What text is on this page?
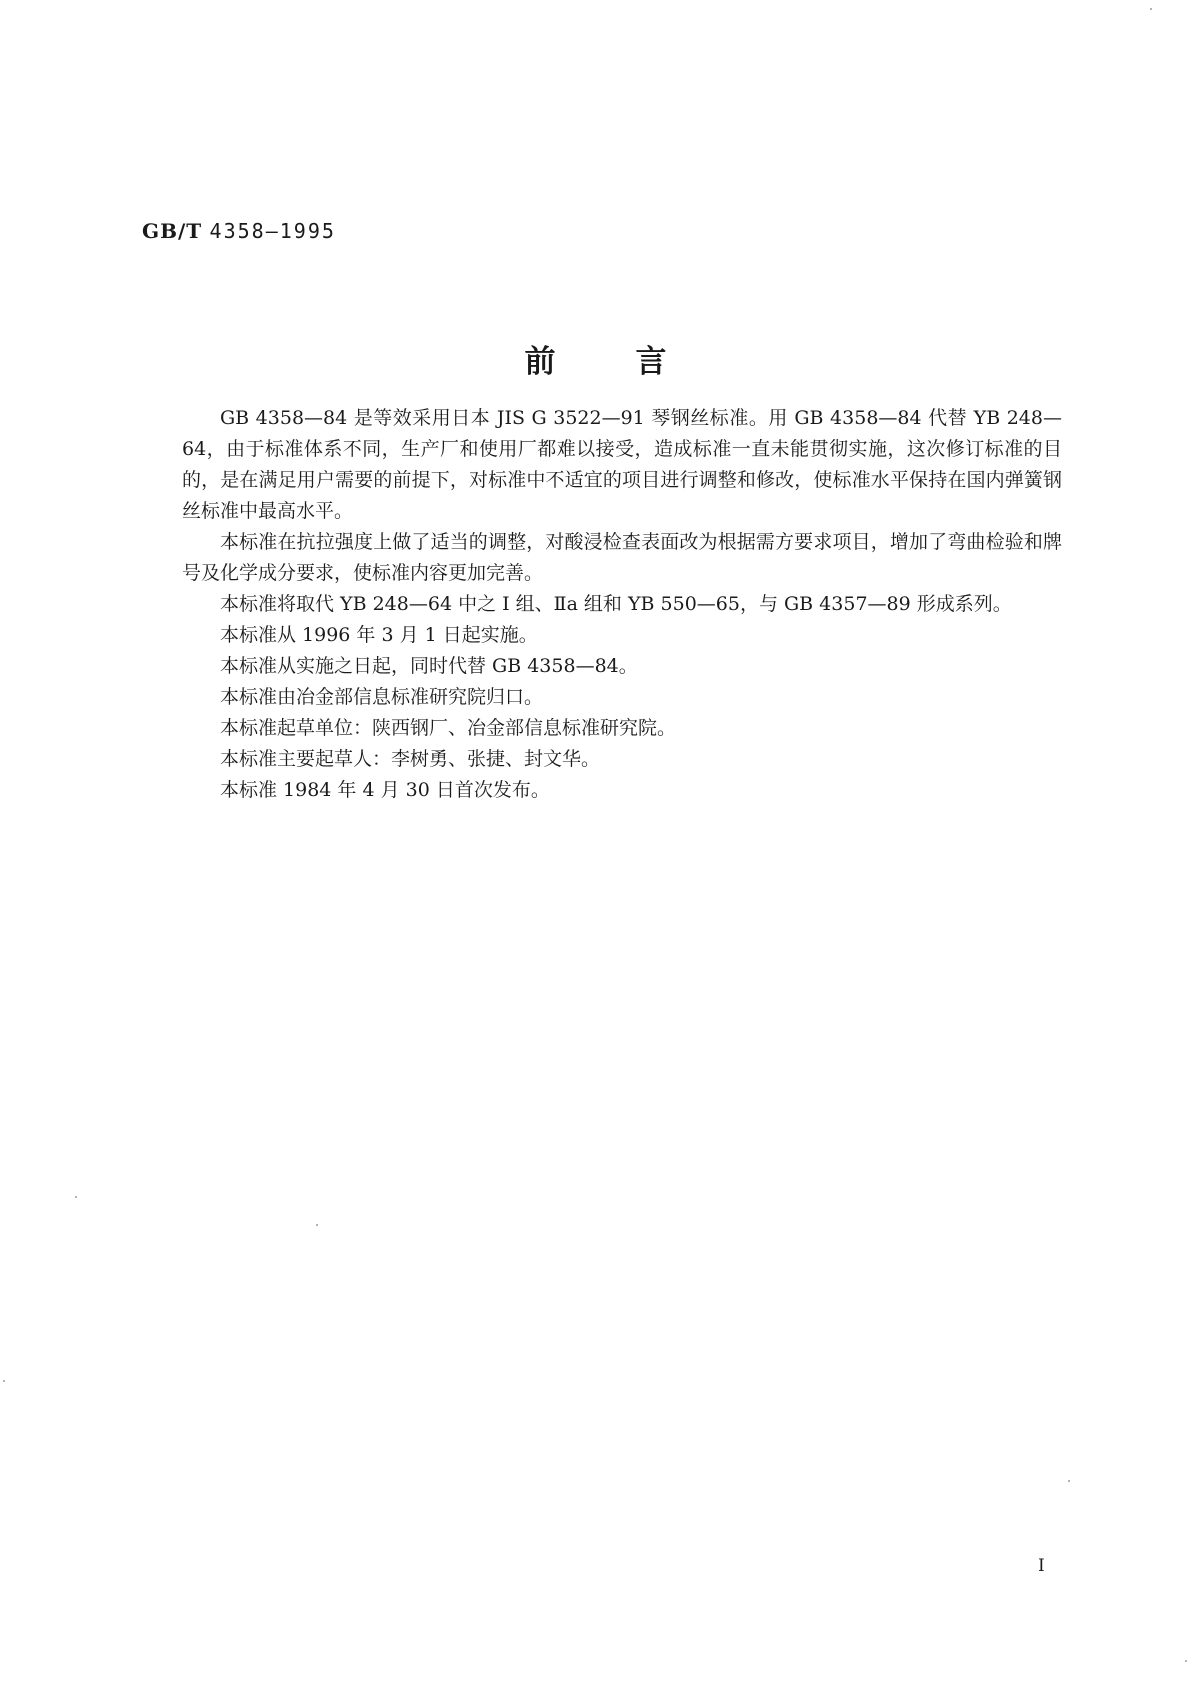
GB/T 4358—1995
前言

GB 4358—84 是等效采用日本 JIS G 3522—91 琴钢丝标准。用 GB 4358—84 代替 YB 248—64，由于标准体系不同，生产厂和使用厂都难以接受，造成标准一直未能贯彻实施，这次修订标准的目的，是在满足用户需要的前提下，对标准中不适宜的项目进行调整和修改，使标准水平保持在国内弹簧钢丝标准中最高水平。

本标准在抗拉强度上做了适当的调整，对酸浸检查表面改为根据需方要求项目，增加了弯曲检验和牌号及化学成分要求，使标准内容更加完善。

本标准将取代 YB 248—64 中之 I 组、Ⅱa 组和 YB 550—65，与 GB 4357—89 形成系列。

本标准从 1996 年 3 月 1 日起实施。

本标准从实施之日起，同时代替 GB 4358—84。

本标准由冶金部信息标准研究院归口。

本标准起草单位：陕西钢厂、冶金部信息标准研究院。

本标准主要起草人：李树勇、张捷、封文华。

本标准 1984 年 4 月 30 日首次发布。

I
